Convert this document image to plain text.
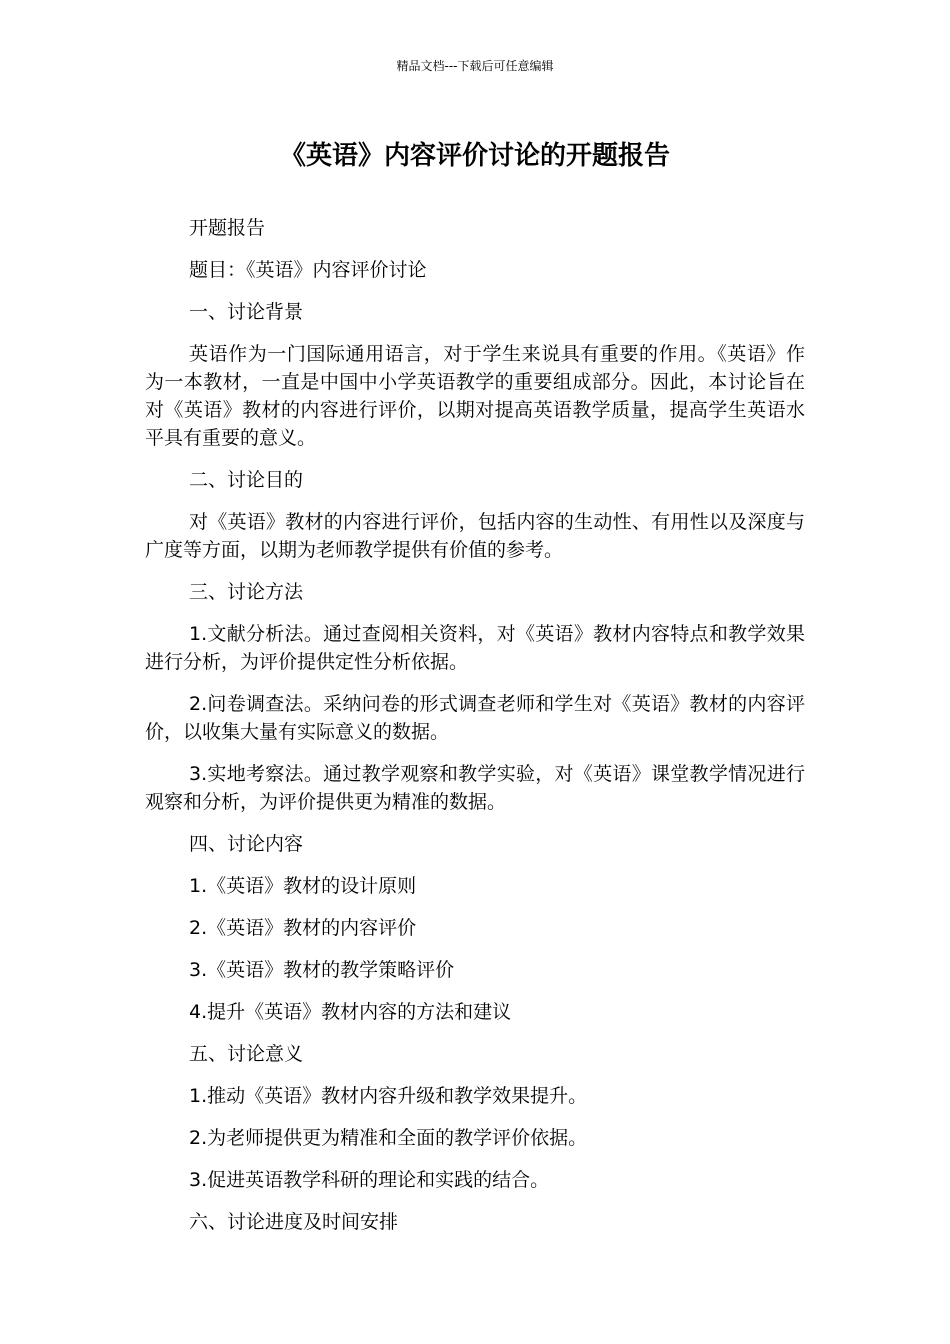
精品文档---下载后可任意编辑
《英语》内容评价讨论的开题报告

开题报告

题目：《英语》内容评价讨论

一、讨论背景

英语作为一门国际通用语言，对于学生来说具有重要的作用。《英语》作为一本教材，一直是中国中小学英语教学的重要组成部分。因此，本讨论旨在对《英语》教材的内容进行评价，以期对提高英语教学质量，提高学生英语水平具有重要的意义。

二、讨论目的

对《英语》教材的内容进行评价，包括内容的生动性、有用性以及深度与广度等方面，以期为老师教学提供有价值的参考。

三、讨论方法

1.文献分析法。通过查阅相关资料，对《英语》教材内容特点和教学效果进行分析，为评价提供定性分析依据。

2.问卷调查法。采纳问卷的形式调查老师和学生对《英语》教材的内容评价，以收集大量有实际意义的数据。

3.实地考察法。通过教学观察和教学实验，对《英语》课堂教学情况进行观察和分析，为评价提供更为精准的数据。

四、讨论内容

1.《英语》教材的设计原则

2.《英语》教材的内容评价

3.《英语》教材的教学策略评价

4.提升《英语》教材内容的方法和建议

五、讨论意义

1.推动《英语》教材内容升级和教学效果提升。

2.为老师提供更为精准和全面的教学评价依据。

3.促进英语教学科研的理论和实践的结合。

六、讨论进度及时间安排
